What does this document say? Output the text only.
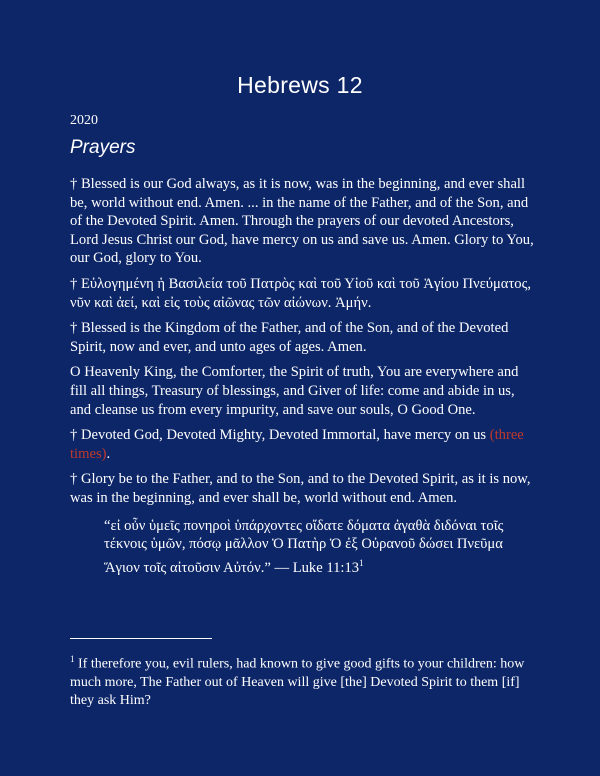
Hebrews 12
2020
Prayers

† Blessed is our God always, as it is now, was in the beginning, and ever shall be, world without end. Amen. ... in the name of the Father, and of the Son, and of the Devoted Spirit. Amen. Through the prayers of our devoted Ancestors, Lord Jesus Christ our God, have mercy on us and save us. Amen. Glory to You, our God, glory to You.

† Εὐλογημένη ἡ Βασιλεία τοῦ Πατρὸς καὶ τοῦ Υἱοῦ καὶ τοῦ Ἁγίου Πνεύματος, νῦν καὶ ἀεί, καὶ εἰς τοὺς αἰῶνας τῶν αἰώνων. Ἀμήν.

† Blessed is the Kingdom of the Father, and of the Son, and of the Devoted Spirit, now and ever, and unto ages of ages. Amen.

O Heavenly King, the Comforter, the Spirit of truth, You are everywhere and fill all things, Treasury of blessings, and Giver of life: come and abide in us, and cleanse us from every impurity, and save our souls, O Good One.

† Devoted God, Devoted Mighty, Devoted Immortal, have mercy on us (three times).

† Glory be to the Father, and to the Son, and to the Devoted Spirit, as it is now, was in the beginning, and ever shall be, world without end. Amen.

“εἰ οὖν ὑμεῖς πονηροὶ ὑπάρχοντες οἴδατε δόματα ἀγαθὰ διδόναι τοῖς τέκνοις ὑμῶν, πόσῳ μᾶλλον Ὁ Πατὴρ Ὁ ἐξ Οὐρανοῦ δώσει Πνεῦμα Ἅγιον τοῖς αἰτοῦσιν Αὐτόν.” — Luke $11:13^1$
$^1$ If therefore you, evil rulers, had known to give good gifts to your children: how much more, The Father out of Heaven will give [the] Devoted Spirit to them [if] they ask Him?
